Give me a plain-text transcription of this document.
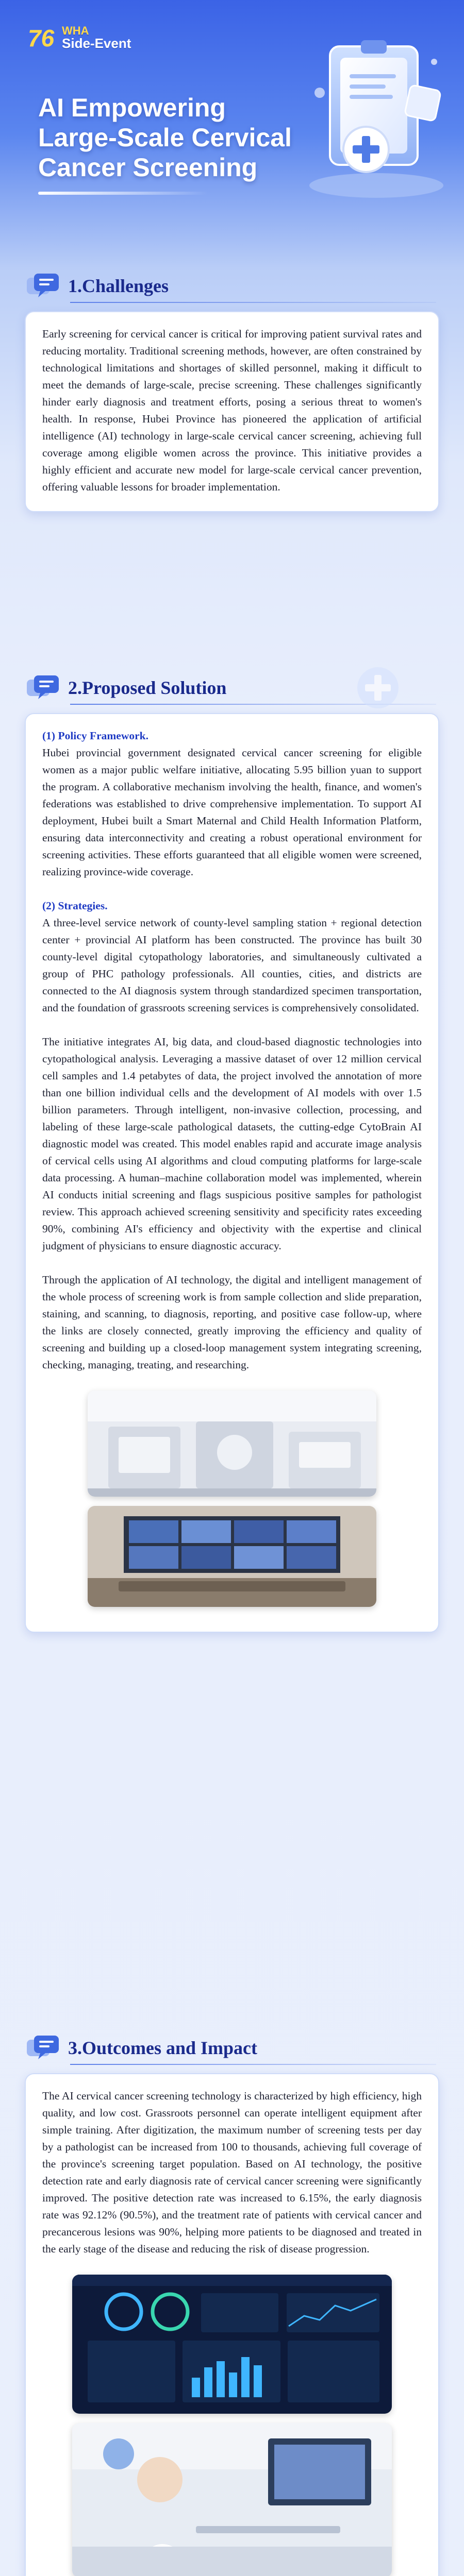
76 WHA
Side-Event
AI Empowering Large-Scale Cervical Cancer Screening
1.Challenges

Early screening for cervical cancer is critical for improving patient survival rates and reducing mortality. Traditional screening methods, however, are often constrained by technological limitations and shortages of skilled personnel, making it difficult to meet the demands of large-scale, precise screening. These challenges significantly hinder early diagnosis and treatment efforts, posing a serious threat to women's health. In response, Hubei Province has pioneered the application of artificial intelligence (AI) technology in large-scale cervical cancer screening, achieving full coverage among eligible women across the province. This initiative provides a highly efficient and accurate new model for large-scale cervical cancer prevention, offering valuable lessons for broader implementation.

2.Proposed Solution

(1) Policy Framework.
Hubei provincial government designated cervical cancer screening for eligible women as a major public welfare initiative, allocating 5.95 billion yuan to support the program. A collaborative mechanism involving the health, finance, and women's federations was established to drive comprehensive implementation. To support AI deployment, Hubei built a Smart Maternal and Child Health Information Platform, ensuring data interconnectivity and creating a robust operational environment for screening activities. These efforts guaranteed that all eligible women were screened, realizing province-wide coverage.

(2) Strategies.
A three-level service network of county-level sampling station + regional detection center + provincial AI platform has been constructed. The province has built 30 county-level digital cytopathology laboratories, and simultaneously cultivated a group of PHC pathology professionals. All counties, cities, and districts are connected to the AI diagnosis system through standardized specimen transportation, and the foundation of grassroots screening services is comprehensively consolidated.

The initiative integrates AI, big data, and cloud-based diagnostic technologies into cytopathological analysis. Leveraging a massive dataset of over 12 million cervical cell samples and 1.4 petabytes of data, the project involved the annotation of more than one billion individual cells and the development of AI models with over 1.5 billion parameters. Through intelligent, non-invasive collection, processing, and labeling of these large-scale pathological datasets, the cutting-edge CytoBrain AI diagnostic model was created. This model enables rapid and accurate image analysis of cervical cells using AI algorithms and cloud computing platforms for large-scale data processing. A human–machine collaboration model was implemented, wherein AI conducts initial screening and flags suspicious positive samples for pathologist review. This approach achieved screening sensitivity and specificity rates exceeding 90%, combining AI's efficiency and objectivity with the expertise and clinical judgment of physicians to ensure diagnostic accuracy.

Through the application of AI technology, the digital and intelligent management of the whole process of screening work is from sample collection and slide preparation, staining, and scanning, to diagnosis, reporting, and positive case follow-up, where the links are closely connected, greatly improving the efficiency and quality of screening and building up a closed-loop management system integrating screening, checking, managing, treating, and researching.

3.Outcomes and Impact

The AI cervical cancer screening technology is characterized by high efficiency, high quality, and low cost. Grassroots personnel can operate intelligent equipment after simple training. After digitization, the maximum number of screening tests per day by a pathologist can be increased from 100 to thousands, achieving full coverage of the province's screening target population. Based on AI technology, the positive detection rate and early diagnosis rate of cervical cancer screening were significantly improved. The positive detection rate was increased to 6.15%, the early diagnosis rate was 92.12% (90.5%), and the treatment rate of patients with cervical cancer and precancerous lesions was 90%, helping more patients to be diagnosed and treated in the early stage of the disease and reducing the risk of disease progression.
